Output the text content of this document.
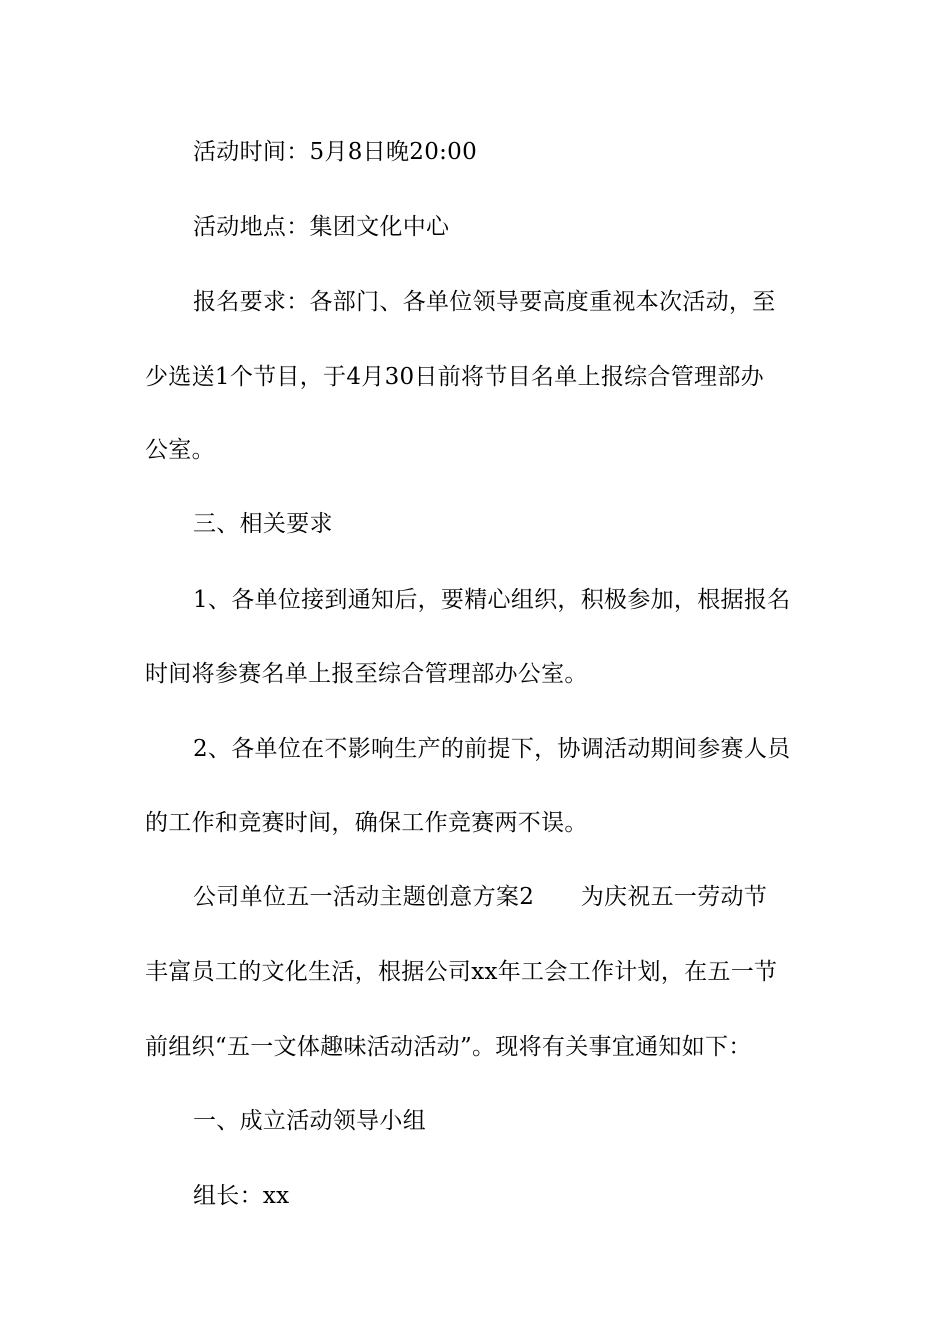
活动时间：5月8日晚20:00
活动地点：集团文化中心
报名要求：各部门、各单位领导要高度重视本次活动，至
少选送1个节目，于4月30日前将节目名单上报综合管理部办
公室。
三、相关要求
1、各单位接到通知后，要精心组织，积极参加，根据报名
时间将参赛名单上报至综合管理部办公室。
2、各单位在不影响生产的前提下，协调活动期间参赛人员
的工作和竞赛时间，确保工作竞赛两不误。
公司单位五一活动主题创意方案2　　为庆祝五一劳动节
丰富员工的文化生活，根据公司xx年工会工作计划，在五一节
前组织“五一文体趣味活动活动”。现将有关事宜通知如下：
一、成立活动领导小组
组长：xx
